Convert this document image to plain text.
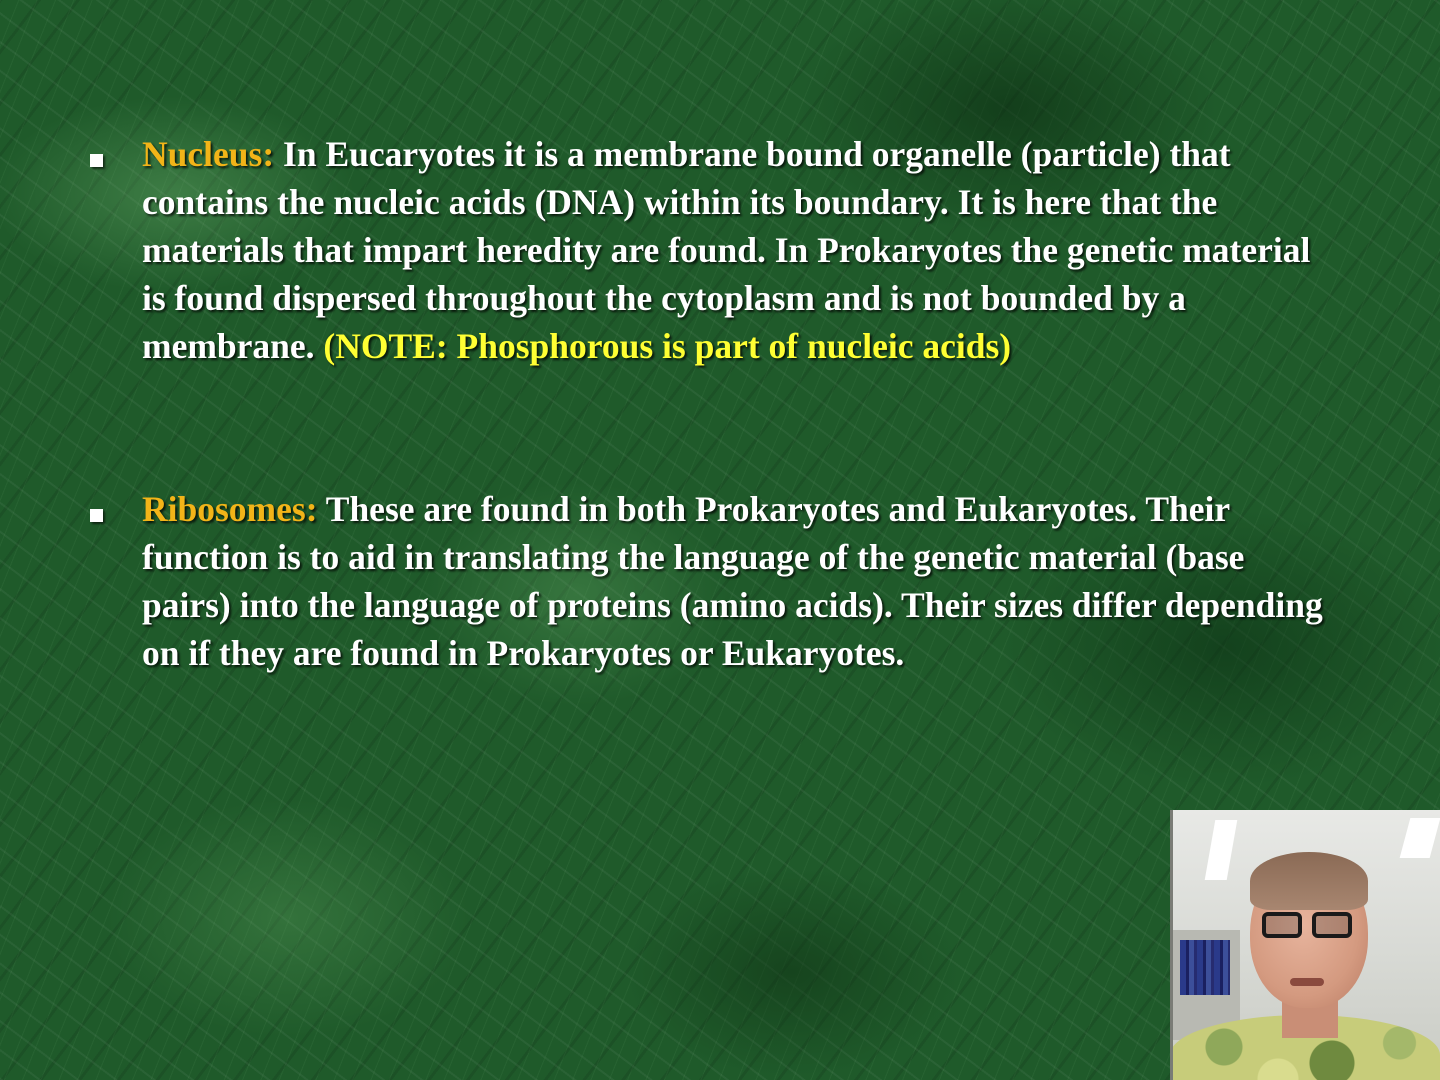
Nucleus: In Eucaryotes it is a membrane bound organelle (particle) that contains the nucleic acids (DNA) within its boundary. It is here that the materials that impart heredity are found. In Prokaryotes the genetic material is found dispersed throughout the cytoplasm and is not bounded by a membrane. (NOTE: Phosphorous is part of nucleic acids)
Ribosomes: These are found in both Prokaryotes and Eukaryotes. Their function is to aid in translating the language of the genetic material (base pairs) into the language of proteins (amino acids). Their sizes differ depending on if they are found in Prokaryotes or Eukaryotes.
